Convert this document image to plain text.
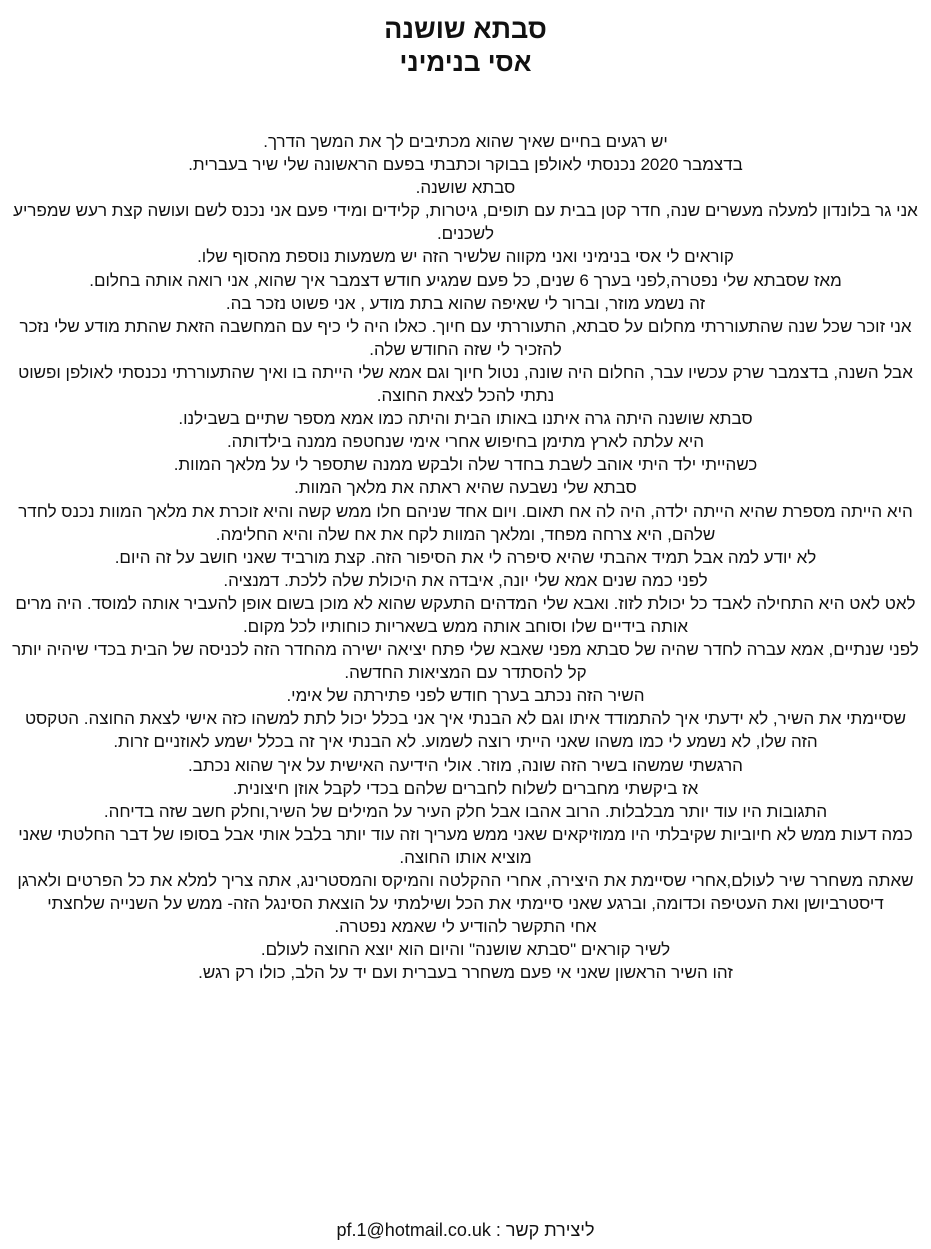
סבתא שושנה
אסי בנימיני

יש רגעים בחיים שאיך שהוא מכתיבים לך את המשך הדרך.

בדצמבר 2020 נכנסתי לאולפן בבוקר וכתבתי בפעם הראשונה שלי שיר בעברית.

סבתא שושנה.

אני גר בלונדון למעלה מעשרים שנה, חדר קטן בבית עם תופים, גיטרות, קלידים ומידי פעם אני נכנס לשם ועושה קצת רעש שמפריע לשכנים.

קוראים לי אסי בנימיני ואני מקווה שלשיר הזה יש משמעות נוספת מהסוף שלו.

מאז שסבתא שלי נפטרה,לפני בערך 6 שנים, כל פעם שמגיע חודש דצמבר איך שהוא, אני רואה אותה בחלום.

זה נשמע מוזר, וברור לי שאיפה שהוא בתת מודע , אני פשוט נזכר בה.

אני זוכר שכל שנה שהתעוררתי מחלום על סבתא, התעוררתי עם חיוך. כאלו היה לי כיף עם המחשבה הזאת שהתת מודע שלי נזכר להזכיר לי שזה החודש שלה.

אבל השנה, בדצמבר שרק עכשיו עבר, החלום היה שונה, נטול חיוך וגם אמא שלי הייתה בו ואיך שהתעוררתי נכנסתי לאולפן ופשוט נתתי להכל לצאת החוצה.

סבתא שושנה היתה גרה איתנו באותו הבית והיתה כמו אמא מספר שתיים בשבילנו.

היא עלתה לארץ מתימן בחיפוש אחרי אימי שנחטפה ממנה בילדותה.

כשהייתי ילד היתי אוהב לשבת בחדר שלה ולבקש ממנה שתספר לי על מלאך המוות.

סבתא שלי נשבעה שהיא ראתה את מלאך המוות.

היא הייתה מספרת שהיא הייתה ילדה, היה לה אח תאום. ויום אחד שניהם חלו ממש קשה והיא זוכרת את מלאך המוות נכנס לחדר שלהם, היא צרחה מפחד, ומלאך המוות לקח את אח שלה והיא החלימה.

לא יודע למה אבל תמיד אהבתי שהיא סיפרה לי את הסיפור הזה. קצת מורביד שאני חושב על זה היום.

לפני כמה שנים אמא שלי יונה, איבדה את היכולת שלה ללכת. דמנציה.

לאט לאט היא התחילה לאבד כל יכולת לזוז. ואבא שלי המדהים התעקש שהוא לא מוכן בשום אופן להעביר אותה למוסד. היה מרים אותה בידיים שלו וסוחב אותה ממש בשאריות כוחותיו לכל מקום.

לפני שנתיים, אמא עברה לחדר שהיה של סבתא מפני שאבא שלי פתח יציאה ישירה מהחדר הזה לכניסה של הבית בכדי שיהיה יותר קל להסתדר עם המציאות החדשה.

השיר הזה נכתב בערך חודש לפני פתירתה של אימי.

שסיימתי את השיר, לא ידעתי איך להתמודד איתו וגם לא הבנתי איך אני בכלל יכול לתת למשהו כזה אישי לצאת החוצה. הטקסט הזה שלו, לא נשמע לי כמו משהו שאני הייתי רוצה לשמוע. לא הבנתי איך זה בכלל ישמע לאוזניים זרות.

הרגשתי שמשהו בשיר הזה שונה, מוזר. אולי הידיעה האישית על איך שהוא נכתב.

אז ביקשתי מחברים לשלוח לחברים שלהם בכדי לקבל אוזן חיצונית.

התגובות היו עוד יותר מבלבלות. הרוב אהבו אבל חלק העיר על המילים של השיר,וחלק חשב שזה בדיחה.

כמה דעות ממש לא חיוביות שקיבלתי היו ממוזיקאים שאני ממש מעריך וזה עוד יותר בלבל אותי אבל בסופו של דבר החלטתי שאני מוציא אותו החוצה.

שאתה משחרר שיר לעולם,אחרי שסיימת את היצירה, אחרי ההקלטה והמיקס והמסטרינג, אתה צריך למלא את כל הפרטים ולארגן דיסטרביושן ואת העטיפה וכדומה, וברגע שאני סיימתי את הכל ושילמתי על הוצאת הסינגל הזה- ממש על השנייה שלחצתי

אחי התקשר להודיע לי שאמא נפטרה.

לשיר קוראים "סבתא שושנה" והיום הוא יוצא החוצה לעולם.

זהו השיר הראשון שאני אי פעם משחרר בעברית ועם יד על הלב, כולו רק רגש.

ליצירת קשר : pf.1@hotmail.co.uk
